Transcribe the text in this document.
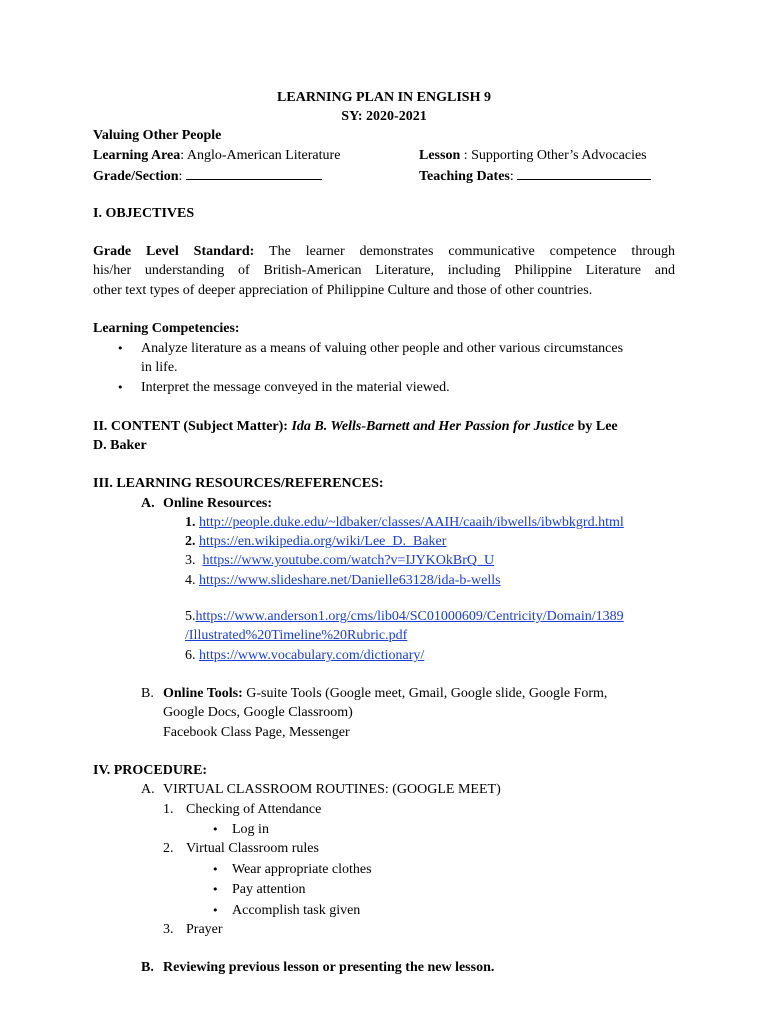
LEARNING PLAN IN ENGLISH 9
SY: 2020-2021
Valuing Other People
Learning Area: Anglo-American Literature	Lesson : Supporting Other’s Advocacies
Grade/Section:	Teaching Dates:
I. OBJECTIVES
Grade Level Standard: The learner demonstrates communicative competence through
his/her understanding of British-American Literature, including Philippine Literature and
other text types of deeper appreciation of Philippine Culture and those of other countries.
Learning Competencies:
•
Analyze literature as a means of valuing other people and other various circumstances
in life.
•
Interpret the message conveyed in the material viewed.
II. CONTENT (Subject Matter): Ida B. Wells-Barnett and Her Passion for Justice by Lee
D. Baker
III. LEARNING RESOURCES/REFERENCES:
A. Online Resources:
1. http://people.duke.edu/~ldbaker/classes/AAIH/caaih/ibwells/ibwbkgrd.html
2. https://en.wikipedia.org/wiki/Lee_D._Baker
3. https://www.youtube.com/watch?v=IJYKOkBrQ_U
4. https://www.slideshare.net/Danielle63128/ida-b-wells
5.https://www.anderson1.org/cms/lib04/SC01000609/Centricity/Domain/1389
/Illustrated%20Timeline%20Rubric.pdf
6. https://www.vocabulary.com/dictionary/
B. Online Tools: G-suite Tools (Google meet, Gmail, Google slide, Google Form,
Google Docs, Google Classroom)
Facebook Class Page, Messenger
IV. PROCEDURE:
A. VIRTUAL CLASSROOM ROUTINES: (GOOGLE MEET)
1. Checking of Attendance
•
Log in
2. Virtual Classroom rules
•
Wear appropriate clothes
•
Pay attention
•
Accomplish task given
3. Prayer
B. Reviewing previous lesson or presenting the new lesson.
